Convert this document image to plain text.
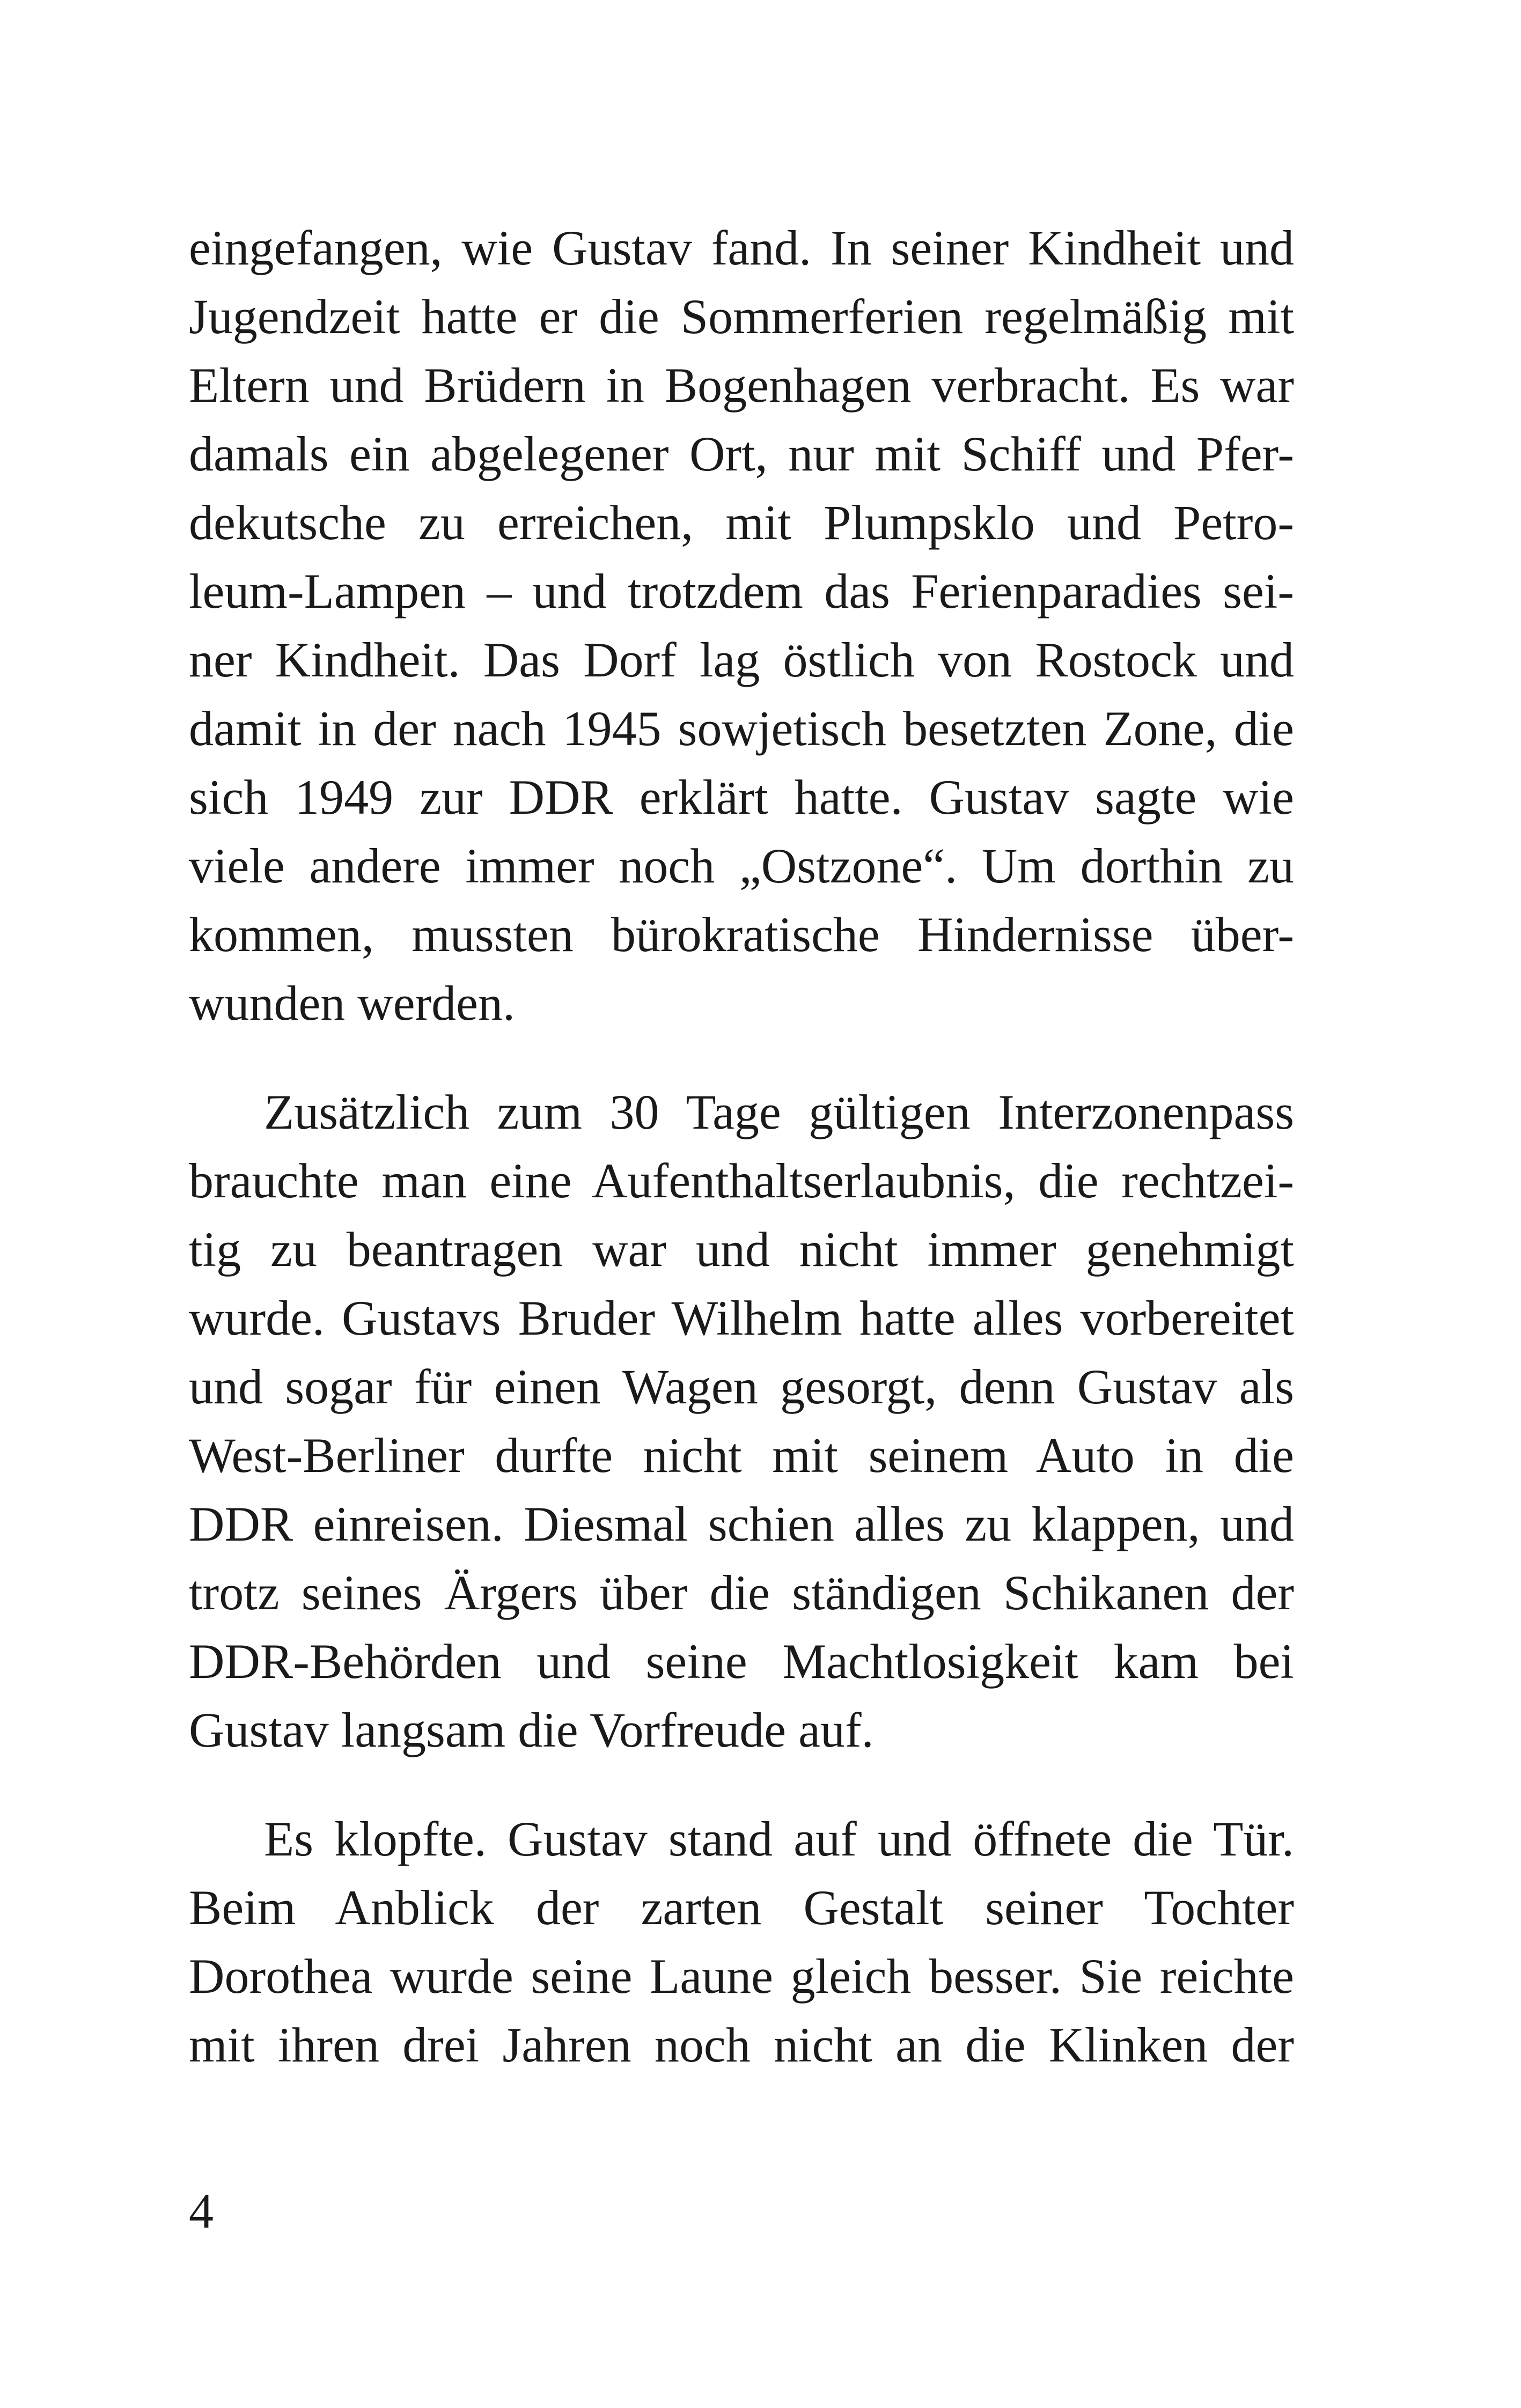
eingefangen, wie Gustav fand. In seiner Kindheit und
Jugendzeit hatte er die Sommerferien regelmäßig mit
Eltern und Brüdern in Bogenhagen verbracht. Es war
damals ein abgelegener Ort, nur mit Schiff und Pfer-
dekutsche zu erreichen, mit Plumpsklo und Petro-
leum-Lampen – und trotzdem das Ferienparadies sei-
ner Kindheit. Das Dorf lag östlich von Rostock und
damit in der nach 1945 sowjetisch besetzten Zone, die
sich 1949 zur DDR erklärt hatte. Gustav sagte wie
viele andere immer noch „Ostzone“. Um dorthin zu
kommen, mussten bürokratische Hindernisse über-
wunden werden.

Zusätzlich zum 30 Tage gültigen Interzonenpass
brauchte man eine Aufenthaltserlaubnis, die rechtzei-
tig zu beantragen war und nicht immer genehmigt
wurde. Gustavs Bruder Wilhelm hatte alles vorbereitet
und sogar für einen Wagen gesorgt, denn Gustav als
West-Berliner durfte nicht mit seinem Auto in die
DDR einreisen. Diesmal schien alles zu klappen, und
trotz seines Ärgers über die ständigen Schikanen der
DDR-Behörden und seine Machtlosigkeit kam bei
Gustav langsam die Vorfreude auf.

Es klopfte. Gustav stand auf und öffnete die Tür.
Beim Anblick der zarten Gestalt seiner Tochter
Dorothea wurde seine Laune gleich besser. Sie reichte
mit ihren drei Jahren noch nicht an die Klinken der

4
